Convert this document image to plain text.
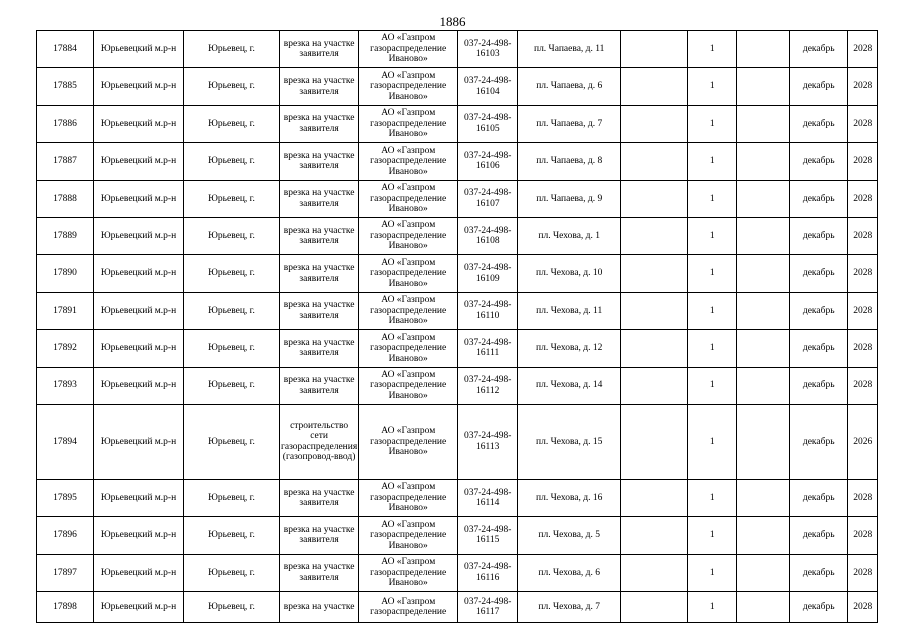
1886
17884	Юрьевецкий м.р-н	Юрьевец, г.	врезка на участке заявителя	АО «Газпром газораспределение Иваново»	037-24-498-16103	пл. Чапаева, д. 11		1		декабрь	2028
17885	Юрьевецкий м.р-н	Юрьевец, г.	врезка на участке заявителя	АО «Газпром газораспределение Иваново»	037-24-498-16104	пл. Чапаева, д. 6		1		декабрь	2028
17886	Юрьевецкий м.р-н	Юрьевец, г.	врезка на участке заявителя	АО «Газпром газораспределение Иваново»	037-24-498-16105	пл. Чапаева, д. 7		1		декабрь	2028
17887	Юрьевецкий м.р-н	Юрьевец, г.	врезка на участке заявителя	АО «Газпром газораспределение Иваново»	037-24-498-16106	пл. Чапаева, д. 8		1		декабрь	2028
17888	Юрьевецкий м.р-н	Юрьевец, г.	врезка на участке заявителя	АО «Газпром газораспределение Иваново»	037-24-498-16107	пл. Чапаева, д. 9		1		декабрь	2028
17889	Юрьевецкий м.р-н	Юрьевец, г.	врезка на участке заявителя	АО «Газпром газораспределение Иваново»	037-24-498-16108	пл. Чехова, д. 1		1		декабрь	2028
17890	Юрьевецкий м.р-н	Юрьевец, г.	врезка на участке заявителя	АО «Газпром газораспределение Иваново»	037-24-498-16109	пл. Чехова, д. 10		1		декабрь	2028
17891	Юрьевецкий м.р-н	Юрьевец, г.	врезка на участке заявителя	АО «Газпром газораспределение Иваново»	037-24-498-16110	пл. Чехова, д. 11		1		декабрь	2028
17892	Юрьевецкий м.р-н	Юрьевец, г.	врезка на участке заявителя	АО «Газпром газораспределение Иваново»	037-24-498-16111	пл. Чехова, д. 12		1		декабрь	2028
17893	Юрьевецкий м.р-н	Юрьевец, г.	врезка на участке заявителя	АО «Газпром газораспределение Иваново»	037-24-498-16112	пл. Чехова, д. 14		1		декабрь	2028
17894	Юрьевецкий м.р-н	Юрьевец, г.	строительство сети газораспределения (газопровод-ввод)	АО «Газпром газораспределение Иваново»	037-24-498-16113	пл. Чехова, д. 15		1		декабрь	2026
17895	Юрьевецкий м.р-н	Юрьевец, г.	врезка на участке заявителя	АО «Газпром газораспределение Иваново»	037-24-498-16114	пл. Чехова, д. 16		1		декабрь	2028
17896	Юрьевецкий м.р-н	Юрьевец, г.	врезка на участке заявителя	АО «Газпром газораспределение Иваново»	037-24-498-16115	пл. Чехова, д. 5		1		декабрь	2028
17897	Юрьевецкий м.р-н	Юрьевец, г.	врезка на участке заявителя	АО «Газпром газораспределение Иваново»	037-24-498-16116	пл. Чехова, д. 6		1		декабрь	2028
17898	Юрьевецкий м.р-н	Юрьевец, г.	врезка на участке	АО «Газпром газораспределение	037-24-498-16117	пл. Чехова, д. 7		1		декабрь	2028
